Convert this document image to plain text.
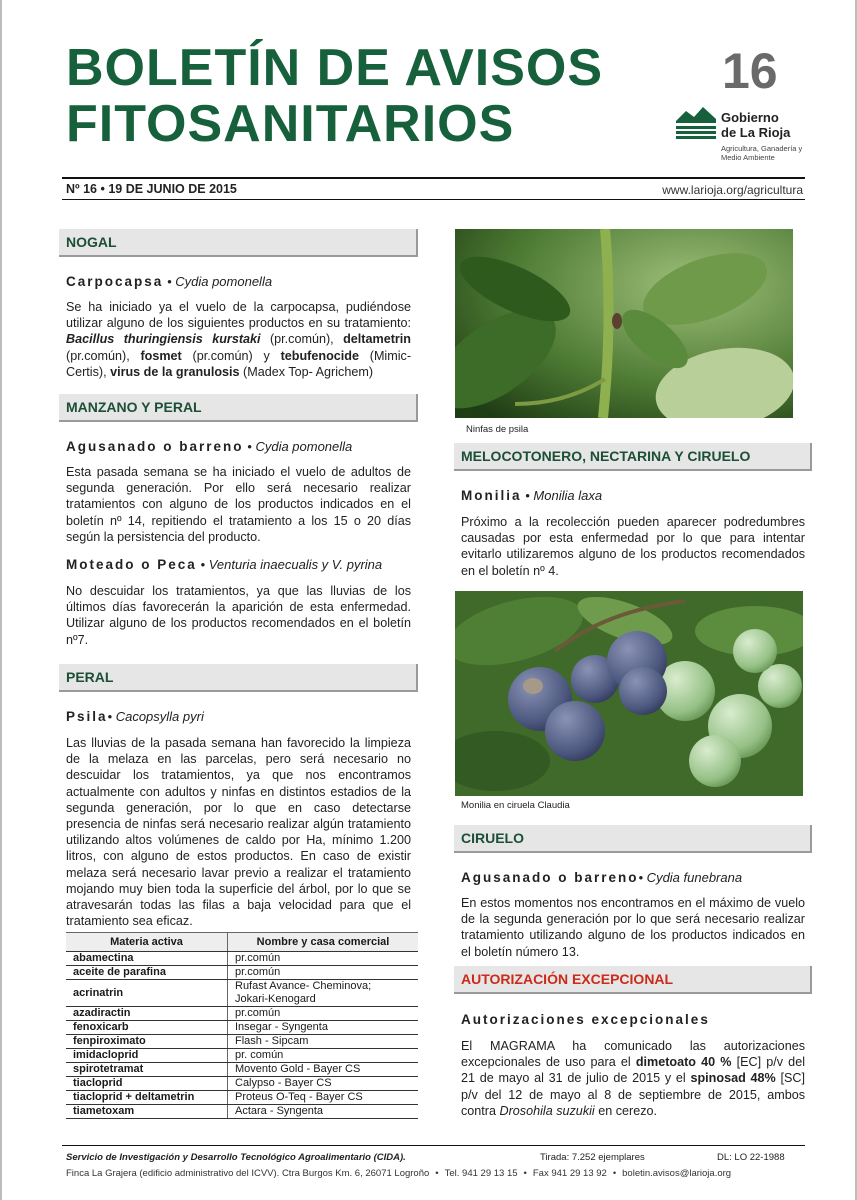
BOLETÍN DE AVISOS
FITOSANITARIOS
16
Gobierno
de La Rioja
Agricultura, Ganadería y Medio Ambiente
Nº 16 • 19 DE JUNIO DE 2015	www.larioja.org/agricultura
NOGAL
Carpocapsa • Cydia pomonella

Se ha iniciado ya el vuelo de la carpocapsa, pudiéndose utilizar alguno de los siguientes productos en su tratamiento: Bacillus thuringiensis kurstaki (pr.común), deltametrin (pr.común), fosmet (pr.común) y tebufenocide (Mimic-Certis), virus de la granulosis (Madex Top- Agrichem)

MANZANO Y PERAL
Agusanado o barreno • Cydia pomonella

Esta pasada semana se ha iniciado el vuelo de adultos de segunda generación. Por ello será necesario realizar tratamientos con alguno de los productos indicados en el boletín nº 14, repitiendo el tratamiento a los 15 o 20 días según la persistencia del producto.

Moteado o Peca • Venturia inaecualis y V. pyrina

No descuidar los tratamientos, ya que las lluvias de los últimos días favorecerán la aparición de esta enfermedad. Utilizar alguno de los productos recomendados en el boletín nº7.

PERAL
Psila• Cacopsylla pyri

Las lluvias de la pasada semana han favorecido la limpieza de la melaza en las parcelas, pero será necesario no descuidar los tratamientos, ya que nos encontramos actualmente con adultos y ninfas en distintos estadios de la segunda generación, por lo que en caso detectarse presencia de ninfas será necesario realizar algún tratamiento utilizando altos volúmenes de caldo por Ha, mínimo 1.200 litros, con alguno de estos productos. En caso de existir melaza será necesario lavar previo a realizar el tratamiento mojando muy bien toda la superficie del árbol, por lo que se atravesarán todas las filas a baja velocidad para que el tratamiento sea eficaz.

Materia activa	Nombre y casa comercial
abamectina	pr.común
aceite de parafina	pr.común
acrinatrin	Rufast Avance- Cheminova;
Jokari-Kenogard
azadiractin	pr.común
fenoxicarb	Insegar - Syngenta
fenpiroximato	Flash - Sipcam
imidacloprid	pr. común
spirotetramat	Movento Gold - Bayer CS
tiacloprid	Calypso - Bayer CS
tiacloprid + deltametrin	Proteus O-Teq - Bayer CS
tiametoxam	Actara - Syngenta
Ninfas de psila
MELOCOTONERO, NECTARINA Y CIRUELO
Monilia • Monilia laxa

Próximo a la recolección pueden aparecer podredumbres causadas por esta enfermedad por lo que para intentar evitarlo utilizaremos alguno de los productos recomendados en el boletín nº 4.

Monilia en ciruela Claudia
CIRUELO
Agusanado o barreno• Cydia funebrana

En estos momentos nos encontramos en el máximo de vuelo de la segunda generación por lo que será necesario realizar tratamiento utilizando alguno de los productos indicados en el boletín número 13.

AUTORIZACIÓN EXCEPCIONAL
Autorizaciones excepcionales

El MAGRAMA ha comunicado las autorizaciones excepcionales de uso para el dimetoato 40 % [EC] p/v del 21 de mayo al 31 de julio de 2015 y el spinosad 48% [SC] p/v del 12 de mayo al 8 de septiembre de 2015, ambos contra Drosohila suzukii en cerezo.

Servicio de Investigación y Desarrollo Tecnológico Agroalimentario (CIDA).	Tirada: 7.252 ejemplares	DL: LO 22-1988
Finca La Grajera (edificio administrativo del ICVV). Ctra Burgos Km. 6, 26071 Logroño • Tel. 941 29 13 15 • Fax 941 29 13 92 • boletin.avisos@larioja.org
